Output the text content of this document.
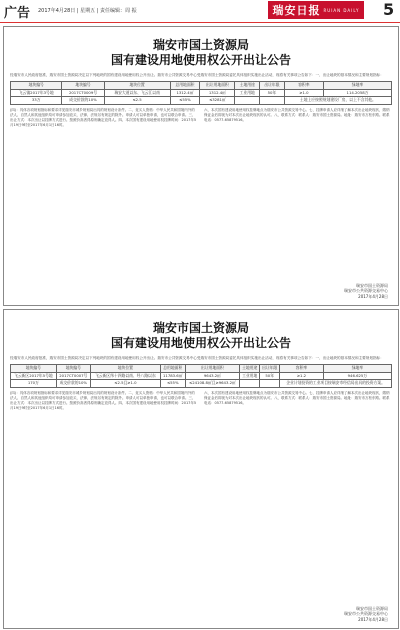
广告 2017年4月28日 | 星期五 | 责任编辑：周 振	瑞安日报 RUIAN DAILY 5
瑞安市国土资源局
国有建设用地使用权公开出让公告
经瑞安市人民政府批准，瑞安市国土资源局决定以下列地块的国有建设用地使用权公开出让。瑞安市公共资源交易中心受瑞安市国土资源局委托具体组织实施出让活动，现将有关事项公告如下：一、出让地块的基本情况和主要规划指标：
地块编号	地块编号	地块位置	总用地面积	出让用地面积	土地用途	出让年限	容积率	绿地率
飞云镇2017年3号地	2017CT0009号	瑞安大道以东、飞云江以南	1312.4㎡	1312.4㎡	工业用地	50年	≥1.0	114.2058万
33万	成交价款的10%	≤2.5	≤55%	≤3281㎡			土地上应按照规划建设厂房，以上不含其他。	
(四)：具体各项规划指标和要求详见瑞安市城乡规划局出具的规划设计条件。二、竞买人资格：中华人民共和国境内外的法人、自然人和其他组织均可申请参加竞买，法律、法规另有规定的除外。申请人可以单独申请，也可以联合申请。三、出让方式：本次出让以挂牌方式进行。按照价高者得原则确定竞得人。四、本次国有建设用地使用权挂牌时间：2017年5月19日9时至2017年6月1日16时。
六、本次国有建设用地使用权挂牌地点为瑞安市公共资源交易中心。七、挂牌申请人应详细了解本次出让地块现状，缴纳保证金后即视为对本次出让地块现状的认可。八、联系方式：联系人：瑞安市国土资源局。地址：瑞安市万松东路。联系电话：0577-65879516。
瑞安市国土资源局
瑞安市公共资源交易中心
2017年4月28日
瑞安市国土资源局
国有建设用地使用权公开出让公告
经瑞安市人民政府批准，瑞安市国土资源局决定以下列地块的国有建设用地使用权公开出让。瑞安市公共资源交易中心受瑞安市国土资源局委托具体组织实施出让活动，现将有关事项公告如下：一、出让地块的基本情况和主要规划指标：
地块编号	地块编号	地块位置	总用地面积	出让用地面积	土地用途	出让年限	容积率	绿地率
飞云新区2017年5号地	2017CT0007号	飞云新区纬十四路以南、经八路以东	11783.6㎡	9643.2㎡	工业用地	50年	≥1.2	946.625万
170万	成交价款的10%	≤2.5且≥1.0	≤55%	≤24108.8㎡且≥9643.2㎡			企业计划投资的工业项目按瑞安市经信局出具的投资方案。	
(四)：具体各项规划指标和要求详见瑞安市城乡规划局出具的规划设计条件。二、竞买人资格：中华人民共和国境内外的法人、自然人和其他组织均可申请参加竞买，法律、法规另有规定的除外。申请人可以单独申请，也可以联合申请。三、出让方式：本次出让以挂牌方式进行。按照价高者得原则确定竞得人。四、本次国有建设用地使用权挂牌时间：2017年5月19日9时至2017年6月1日16时。
六、本次国有建设用地使用权挂牌地点为瑞安市公共资源交易中心。七、挂牌申请人应详细了解本次出让地块现状，缴纳保证金后即视为对本次出让地块现状的认可。八、联系方式：联系人：瑞安市国土资源局。地址：瑞安市万松东路。联系电话：0577-65879516。
瑞安市国土资源局
瑞安市公共资源交易中心
2017年4月28日
